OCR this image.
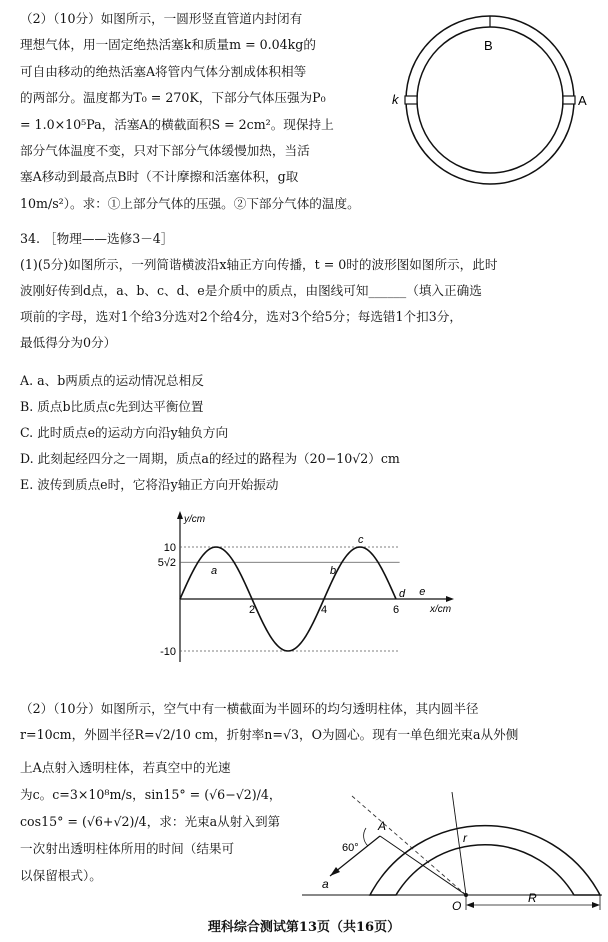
（2）（10分）如图所示，一圆形竖直管道内封闭有
理想气体，用一固定绝热活塞k和质量m = 0.04kg的
可自由移动的绝热活塞A将管内气体分割成体积相等
的两部分。温度都为T₀ = 270K，下部分气体压强为P₀
= 1.0×10⁵Pa，活塞A的横截面积S = 2cm²。现保持上
部分气体温度不变，只对下部分气体缓慢加热，当活
塞A移动到最高点B时（不计摩擦和活塞体积，g取
10m/s²）。求：①上部分气体的压强。②下部分气体的温度。
B
k	A
34. ［物理——选修3－4］
(1)(5分)如图所示，一列简谐横波沿x轴正方向传播，t = 0时的波形图如图所示，此时
波刚好传到d点，a、b、c、d、e是介质中的质点，由图线可知______（填入正确选
项前的字母，选对1个给3分选对2个给4分，选对3个给5分；每选错1个扣3分，
最低得分为0分）
A. a、b两质点的运动情况总相反
B. 质点b比质点c先到达平衡位置
C. 此时质点e的运动方向沿y轴负方向
D. 此刻起经四分之一周期，质点a的经过的路程为（20−10√2）cm
E. 波传到质点e时，它将沿y轴正方向开始振动
y/cm
x/cm
10
5√2
-10
2	4	6
a	b
c
d e
（2）（10分）如图所示，空气中有一横截面为半圆环的均匀透明柱体，其内圆半径
r=10cm，外圆半径R=√2/10 cm，折射率n=√3，O为圆心。现有一单色细光束a从外侧
上A点射入透明柱体，若真空中的光速
为c。c=3×10⁸m/s，sin15° = (√6−√2)/4，
cos15° = (√6+√2)/4，求：光束a从射入到第
一次射出透明柱体所用的时间（结果可
以保留根式）。
A
60°
r
a
O
R
理科综合测试第13页（共16页）
